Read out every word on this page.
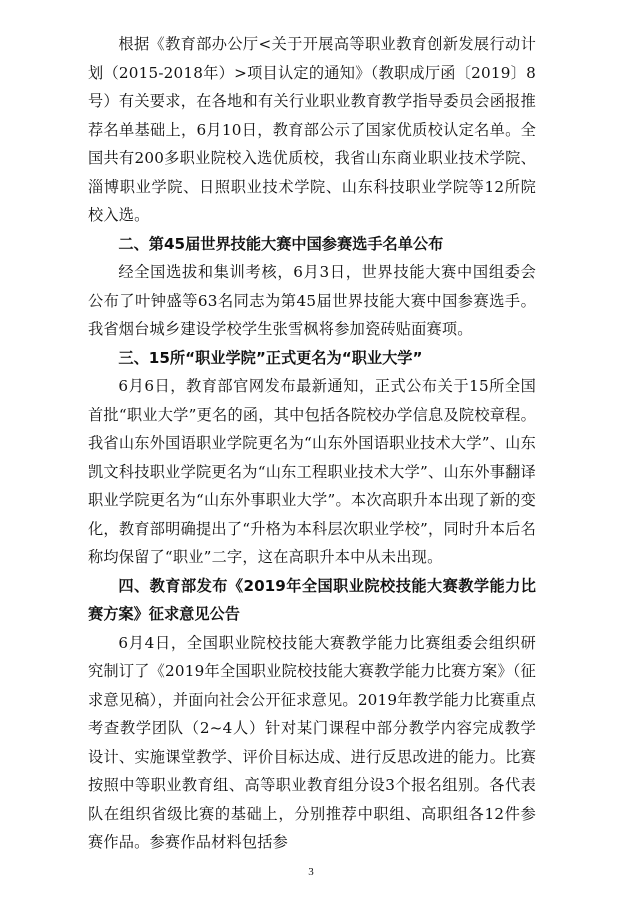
根据《教育部办公厅<关于开展高等职业教育创新发展行动计划（2015-2018年）>项目认定的通知》（教职成厅函〔2019〕8号）有关要求，在各地和有关行业职业教育教学指导委员会函报推荐名单基础上，6月10日，教育部公示了国家优质校认定名单。全国共有200多职业院校入选优质校，我省山东商业职业技术学院、淄博职业学院、日照职业技术学院、山东科技职业学院等12所院校入选。

二、第45届世界技能大赛中国参赛选手名单公布

经全国选拔和集训考核，6月3日，世界技能大赛中国组委会公布了叶钟盛等63名同志为第45届世界技能大赛中国参赛选手。我省烟台城乡建设学校学生张雪枫将参加瓷砖贴面赛项。

三、15所“职业学院”正式更名为“职业大学”

6月6日，教育部官网发布最新通知，正式公布关于15所全国首批“职业大学”更名的函，其中包括各院校办学信息及院校章程。我省山东外国语职业学院更名为“山东外国语职业技术大学”、山东凯文科技职业学院更名为“山东工程职业技术大学”、山东外事翻译职业学院更名为“山东外事职业大学”。本次高职升本出现了新的变化，教育部明确提出了“升格为本科层次职业学校”，同时升本后名称均保留了“职业”二字，这在高职升本中从未出现。

四、教育部发布《2019年全国职业院校技能大赛教学能力比赛方案》征求意见公告

6月4日，全国职业院校技能大赛教学能力比赛组委会组织研究制订了《2019年全国职业院校技能大赛教学能力比赛方案》（征求意见稿），并面向社会公开征求意见。2019年教学能力比赛重点考查教学团队（2~4人）针对某门课程中部分教学内容完成教学设计、实施课堂教学、评价目标达成、进行反思改进的能力。比赛按照中等职业教育组、高等职业教育组分设3个报名组别。各代表队在组织省级比赛的基础上，分别推荐中职组、高职组各12件参赛作品。参赛作品材料包括参

3
